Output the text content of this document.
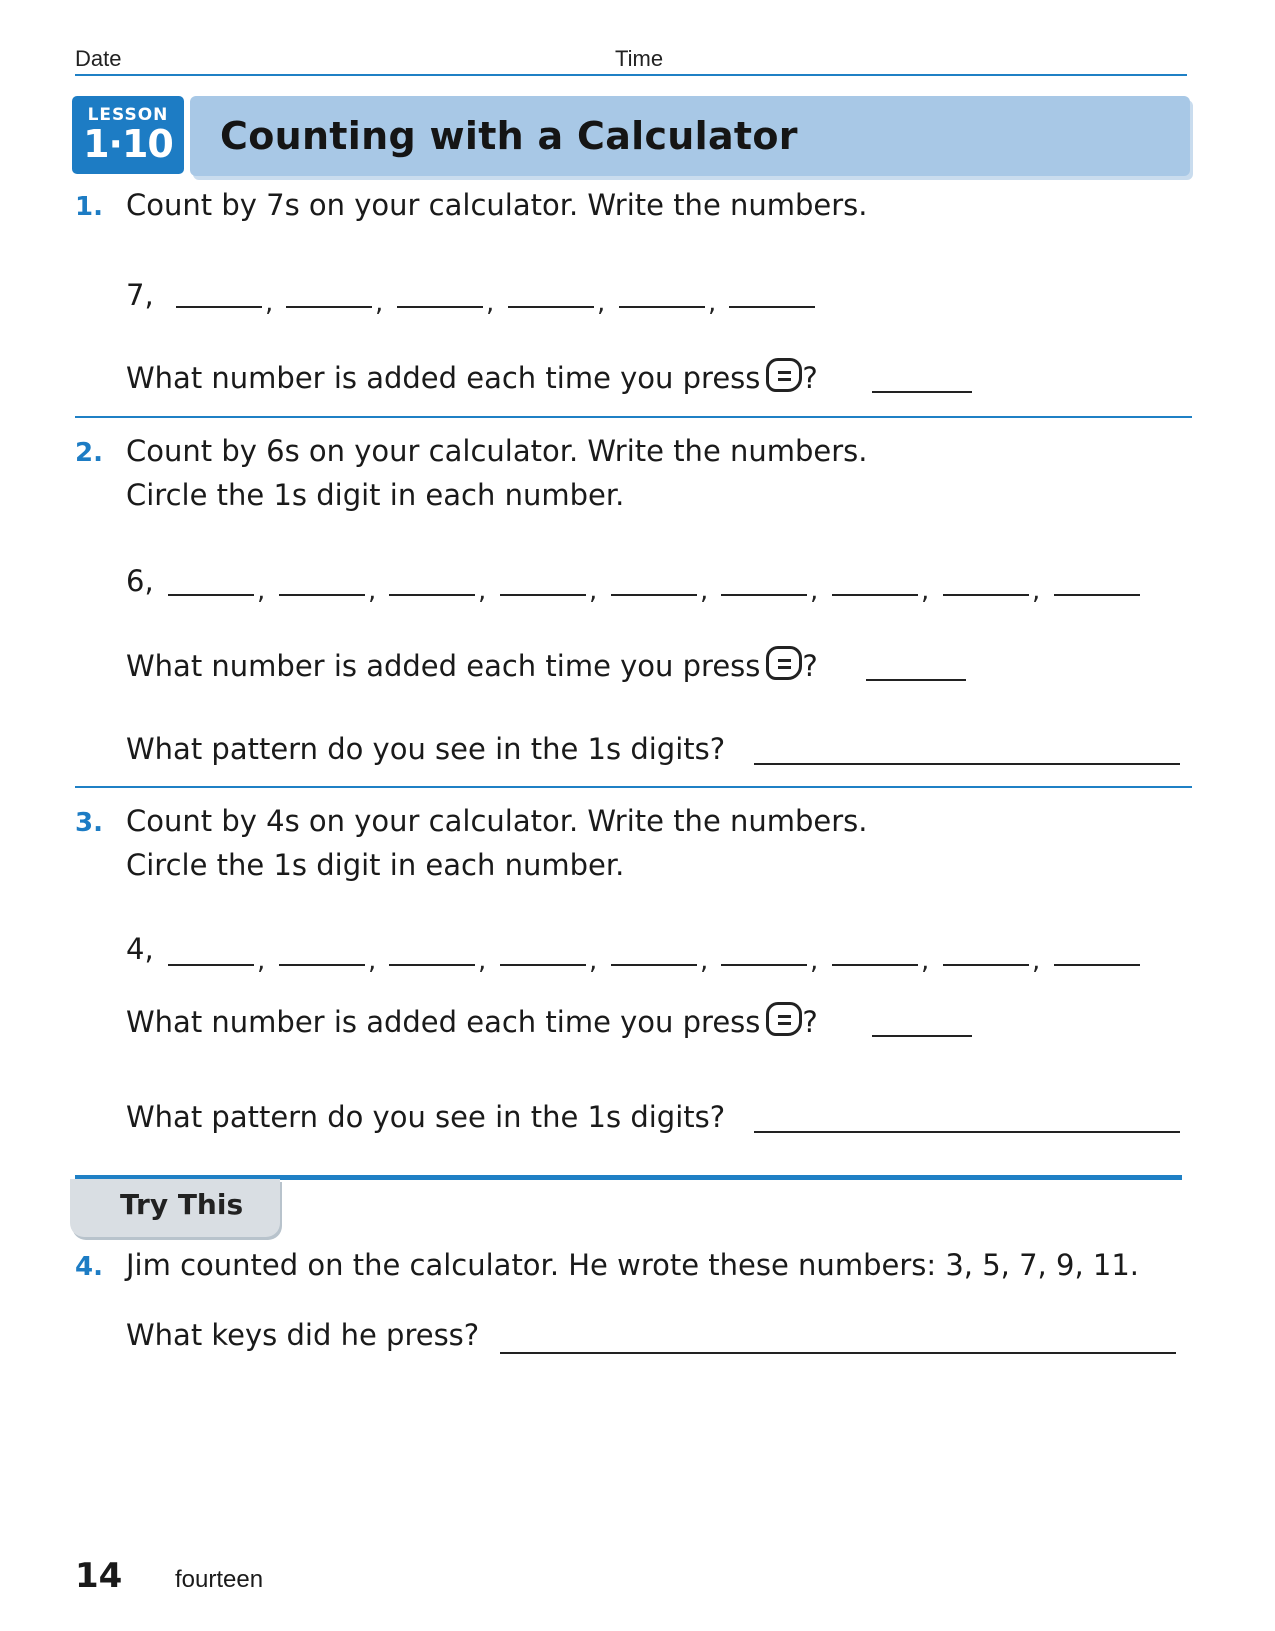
Date	Time
Counting with a Calculator
LESSON
1·10
1. Count by 7s on your calculator. Write the numbers.
7,	,	,	,	,	,
What number is added each time you press ?
2. Count by 6s on your calculator. Write the numbers.
Circle the 1s digit in each number.
6,	,	,	,	,	,	,	,	,
What number is added each time you press ?
What pattern do you see in the 1s digits?
3. Count by 4s on your calculator. Write the numbers.
Circle the 1s digit in each number.
4,	,	,	,	,	,	,	,	,
What number is added each time you press ?
What pattern do you see in the 1s digits?
Try This
4. Jim counted on the calculator. He wrote these numbers: 3, 5, 7, 9, 11.
What keys did he press?
14 fourteen
